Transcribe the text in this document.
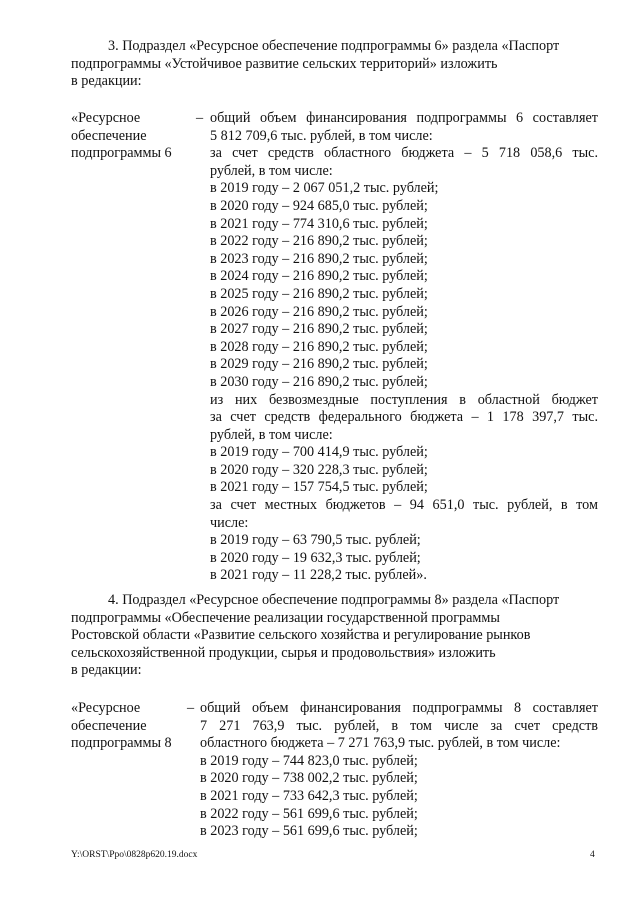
3. Подраздел «Ресурсное обеспечение подпрограммы 6» раздела «Паспорт
подпрограммы «Устойчивое развитие сельских территорий» изложить
в редакции:
«Ресурсное
обеспечение
подпрограммы 6
– общий объем финансирования подпрограммы 6 составляет
5 812 709,6 тыс. рублей, в том числе:
за счет средств областного бюджета – 5 718 058,6 тыс.
рублей, в том числе:
в 2019 году – 2 067 051,2 тыс. рублей;
в 2020 году – 924 685,0 тыс. рублей;
в 2021 году – 774 310,6 тыс. рублей;
в 2022 году – 216 890,2 тыс. рублей;
в 2023 году – 216 890,2 тыс. рублей;
в 2024 году – 216 890,2 тыс. рублей;
в 2025 году – 216 890,2 тыс. рублей;
в 2026 году – 216 890,2 тыс. рублей;
в 2027 году – 216 890,2 тыс. рублей;
в 2028 году – 216 890,2 тыс. рублей;
в 2029 году – 216 890,2 тыс. рублей;
в 2030 году – 216 890,2 тыс. рублей;
из них безвозмездные поступления в областной бюджет
за счет средств федерального бюджета – 1 178 397,7 тыс.
рублей, в том числе:
в 2019 году – 700 414,9 тыс. рублей;
в 2020 году – 320 228,3 тыс. рублей;
в 2021 году – 157 754,5 тыс. рублей;
за счет местных бюджетов – 94 651,0 тыс. рублей, в том
числе:
в 2019 году – 63 790,5 тыс. рублей;
в 2020 году – 19 632,3 тыс. рублей;
в 2021 году – 11 228,2 тыс. рублей».
4. Подраздел «Ресурсное обеспечение подпрограммы 8» раздела «Паспорт
подпрограммы «Обеспечение реализации государственной программы
Ростовской области «Развитие сельского хозяйства и регулирование рынков
сельскохозяйственной продукции, сырья и продовольствия» изложить
в редакции:
«Ресурсное
обеспечение
подпрограммы 8
– общий объем финансирования подпрограммы 8 составляет
7 271 763,9 тыс. рублей, в том числе за счет средств
областного бюджета – 7 271 763,9 тыс. рублей, в том числе:
в 2019 году – 744 823,0 тыс. рублей;
в 2020 году – 738 002,2 тыс. рублей;
в 2021 году – 733 642,3 тыс. рублей;
в 2022 году – 561 699,6 тыс. рублей;
в 2023 году – 561 699,6 тыс. рублей;
Y:\ORST\Ppo\0828p620.19.docx	4
